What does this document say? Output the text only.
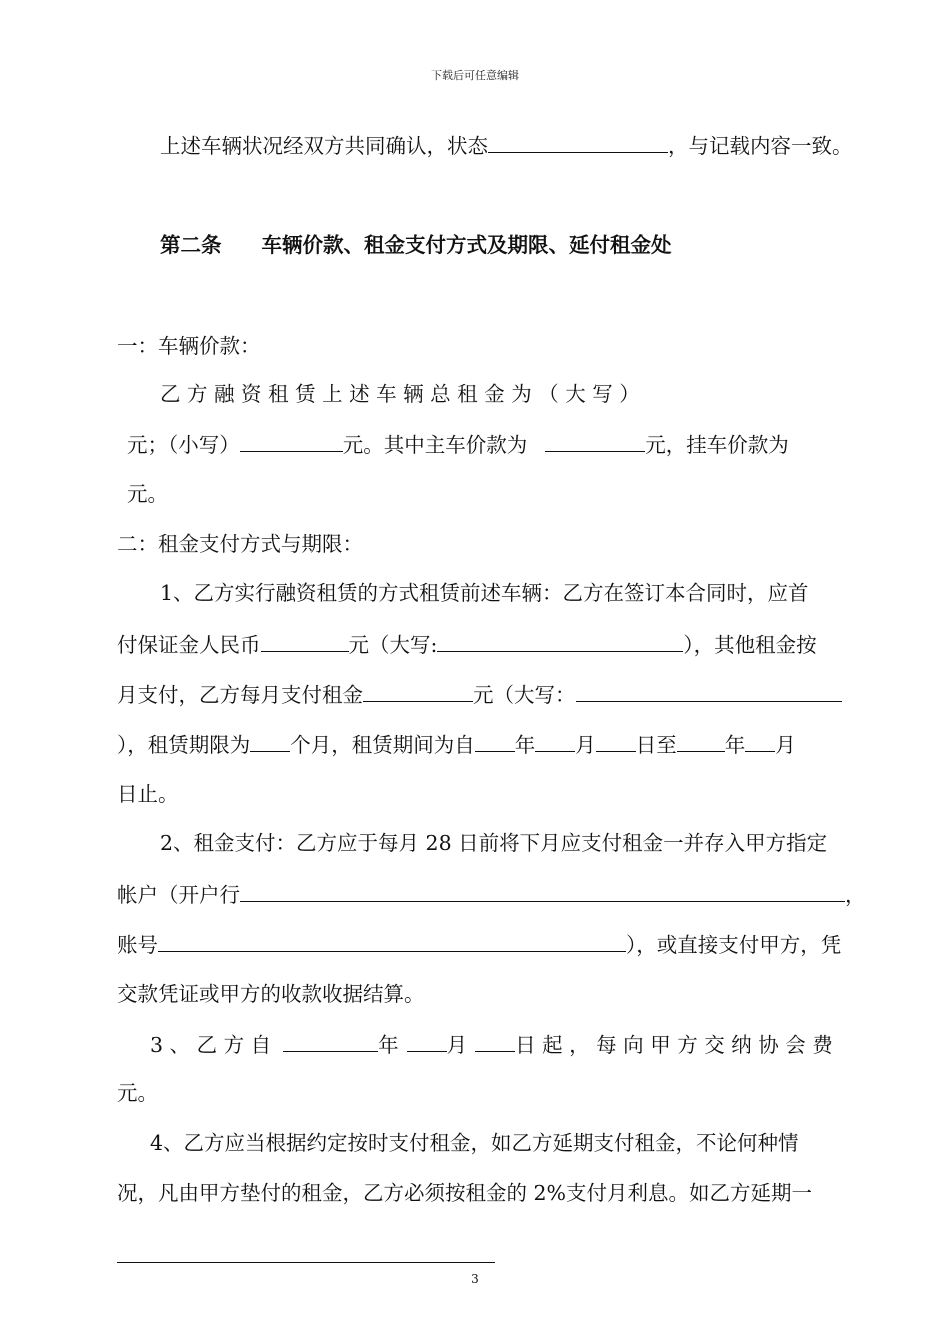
下载后可任意编辑
上述车辆状况经双方共同确认，状态	，与记载内容一致。
第二条 车辆价款、租金支付方式及期限、延付租金处
一：车辆价款：
乙 方 融 资 租 赁 上 述 车 辆 总 租 金 为 （ 大 写 ）
元；（小写）	元。其中主车价款为	元，挂车价款为
元。
二：租金支付方式与期限：
1、乙方实行融资租赁的方式租赁前述车辆：乙方在签订本合同时，应首
付保证金人民币	元（大写:	），其他租金按
月支付，乙方每月支付租金	元（大写：
），租赁期限为 个月，租赁期间为自 年 月 日至 年 月
日止。
2、租金支付：乙方应于每月 28 日前将下月应支付租金一并存入甲方指定
帐户（开户行	，
账号	），或直接支付甲方，凭
交款凭证或甲方的收款收据结算。
3 、 乙 方 自	年 月 日 起 ， 每 向 甲 方 交 纳 协 会 费
元。
4、乙方应当根据约定按时支付租金，如乙方延期支付租金，不论何种情
况，凡由甲方垫付的租金，乙方必须按租金的 2%支付月利息。如乙方延期一
3
